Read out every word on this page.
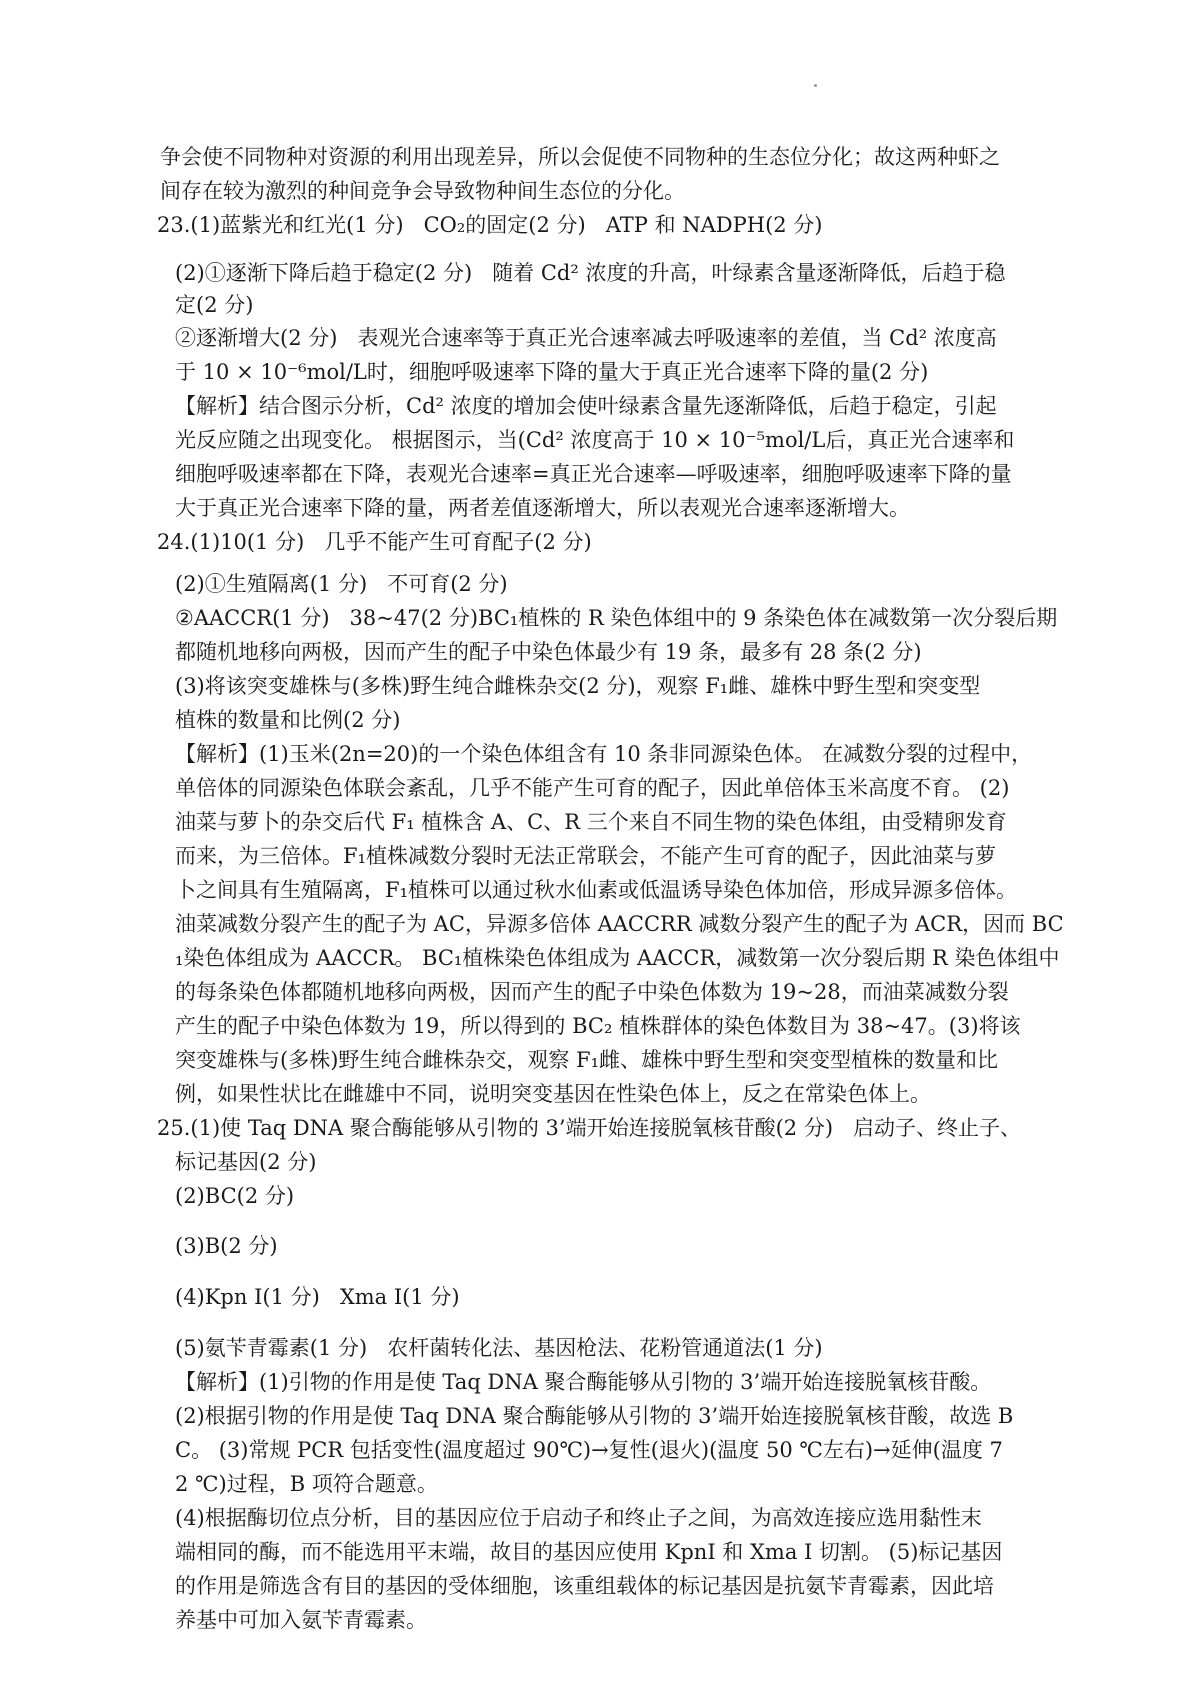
争会使不同物种对资源的利用出现差异，所以会促使不同物种的生态位分化；故这两种虾之
间存在较为激烈的种间竞争会导致物种间生态位的分化。
23.(1)蓝紫光和红光(1 分)   CO₂的固定(2 分)   ATP 和 NADPH(2 分)
(2)①逐渐下降后趋于稳定(2 分)   随着 Cd² 浓度的升高，叶绿素含量逐渐降低，后趋于稳
定(2 分)
②逐渐增大(2 分)   表观光合速率等于真正光合速率减去呼吸速率的差值，当 Cd² 浓度高
于 10 × 10⁻⁶mol/L时，细胞呼吸速率下降的量大于真正光合速率下降的量(2 分)
【解析】结合图示分析，Cd² 浓度的增加会使叶绿素含量先逐渐降低，后趋于稳定，引起
光反应随之出现变化。 根据图示，当(Cd² 浓度高于 10 × 10⁻⁵mol/L后，真正光合速率和
细胞呼吸速率都在下降，表观光合速率=真正光合速率—呼吸速率，细胞呼吸速率下降的量
大于真正光合速率下降的量，两者差值逐渐增大，所以表观光合速率逐渐增大。
24.(1)10(1 分)   几乎不能产生可育配子(2 分)
(2)①生殖隔离(1 分)   不可育(2 分)
②AACCR(1 分)   38~47(2 分)BC₁植株的 R 染色体组中的 9 条染色体在减数第一次分裂后期
都随机地移向两极，因而产生的配子中染色体最少有 19 条，最多有 28 条(2 分)
(3)将该突变雄株与(多株)野生纯合雌株杂交(2 分)，观察 F₁雌、雄株中野生型和突变型
植株的数量和比例(2 分)
【解析】(1)玉米(2n=20)的一个染色体组含有 10 条非同源染色体。 在减数分裂的过程中，
单倍体的同源染色体联会紊乱，几乎不能产生可育的配子，因此单倍体玉米高度不育。 (2)
油菜与萝卜的杂交后代 F₁ 植株含 A、C、R 三个来自不同生物的染色体组，由受精卵发育
而来，为三倍体。F₁植株减数分裂时无法正常联会，不能产生可育的配子，因此油菜与萝
卜之间具有生殖隔离，F₁植株可以通过秋水仙素或低温诱导染色体加倍，形成异源多倍体。
油菜减数分裂产生的配子为 AC，异源多倍体 AACCRR 减数分裂产生的配子为 ACR，因而 BC
₁染色体组成为 AACCR。 BC₁植株染色体组成为 AACCR，减数第一次分裂后期 R 染色体组中
的每条染色体都随机地移向两极，因而产生的配子中染色体数为 19~28，而油菜减数分裂
产生的配子中染色体数为 19，所以得到的 BC₂ 植株群体的染色体数目为 38~47。(3)将该
突变雄株与(多株)野生纯合雌株杂交，观察 F₁雌、雄株中野生型和突变型植株的数量和比
例，如果性状比在雌雄中不同，说明突变基因在性染色体上，反之在常染色体上。
25.(1)使 Taq DNA 聚合酶能够从引物的 3’端开始连接脱氧核苷酸(2 分)   启动子、终止子、
标记基因(2 分)
(2)BC(2 分)
(3)B(2 分)
(4)Kpn I(1 分)   Xma I(1 分)
(5)氨苄青霉素(1 分)   农杆菌转化法、基因枪法、花粉管通道法(1 分)
【解析】(1)引物的作用是使 Taq DNA 聚合酶能够从引物的 3’端开始连接脱氧核苷酸。
(2)根据引物的作用是使 Taq DNA 聚合酶能够从引物的 3’端开始连接脱氧核苷酸，故选 B
C。 (3)常规 PCR 包括变性(温度超过 90℃)→复性(退火)(温度 50 ℃左右)→延伸(温度 7
2 ℃)过程，B 项符合题意。
(4)根据酶切位点分析，目的基因应位于启动子和终止子之间，为高效连接应选用黏性末
端相同的酶，而不能选用平末端，故目的基因应使用 KpnI 和 Xma I 切割。 (5)标记基因
的作用是筛选含有目的基因的受体细胞，该重组载体的标记基因是抗氨苄青霉素，因此培
养基中可加入氨苄青霉素。
